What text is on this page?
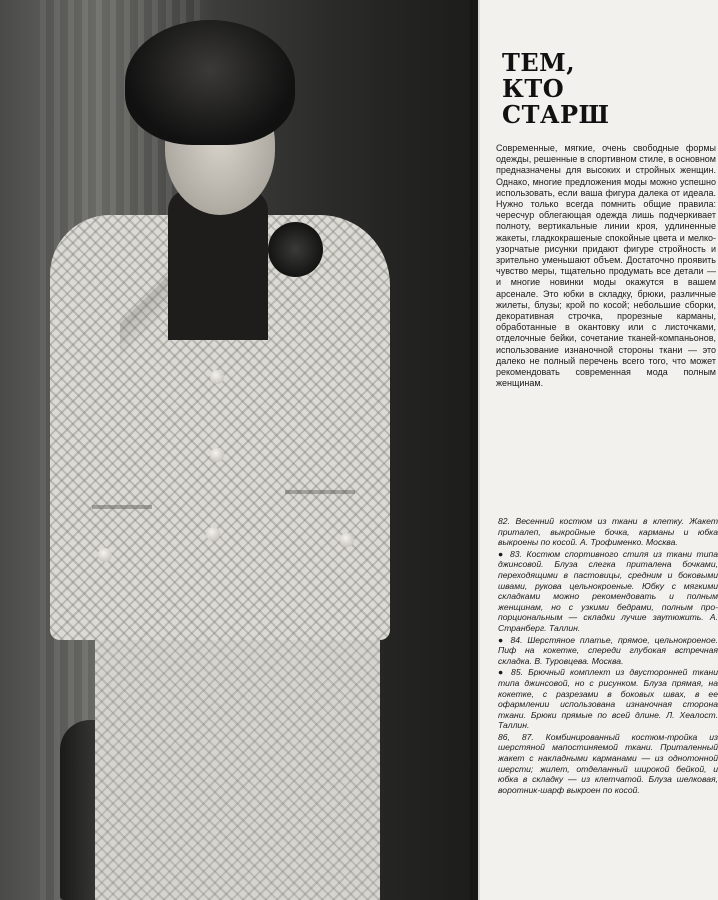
ТЕМ,
КТО
СТАРШ

Современные, мягкие, очень свободные формы одежды, решенные в спортивном стиле, в основном предназначены для высоких и стройных женщин. Однако, многие предложения моды можно успешно использовать, если ваша фигура далека от идеала. Нужно только всегда помнить общие правила: чересчур облегающая одежда лишь подчеркивает полноту, вертикальные линии кроя, удлиненные жакеты, гладкокрашеные спокойные цвета и мелко-узорчатые рисунки придают фигуре стройность и зрительно уменьшают объем. Достаточно проявить чувство меры, тщательно продумать все детали — и многие новинки моды окажутся в вашем арсенале. Это юбки в складку, брюки, различные жилеты, блузы; крой по косой; небольшие сборки, декоративная строчка, прорезные карманы, обработанные в окантовку или с листочками, отделочные бейки, сочетание тканей-компаньонов, использование изнаночной стороны ткани — это далеко не полный перечень всего того, что может рекомендовать современная мода полным женщинам.

82. Весенний костюм из ткани в клетку. Жакет приталеп, выкройные бочка, карманы и юбка выкроены по косой. А. Трофименко. Москва.

● 83. Костюм спортивного стиля из ткани типа джинсовой. Блуза слегка приталена бочками, переходящими в пастовицы, средним и боковыми швами, рукова цельнокроеные. Юбку с мягкими складками можно рекомендовать и полным женщинам, но с узкими бедрами, полным пропорциональным — складки лучше заутюжить. А. Странберг. Таллин.

● 84. Шерстяное платье, прямое, цельнокроеное. Пиф на кокетке, спереди глубокая встречная складка. В. Туровцева. Москва.

● 85. Брючный комплект из двусторонней ткани типа джинсовой, но с рисунком. Блуза прямая, на кокетке, с разрезами в боковых швах, в ее офармлении использована изнаночная сторона ткани. Брюки прямые по всей длине. Л. Хеалост. Таллин.

86, 87. Комбинированный костюм-тройка из шерстяной мапостиняемой ткани. Приталенный жакет с накладными карманами — из однотонной шерсти; жилет, отделанный широкой бейкой, и юбка в складку — из клетчатой. Блуза шелковая, воротник-шарф выкроен по косой.
